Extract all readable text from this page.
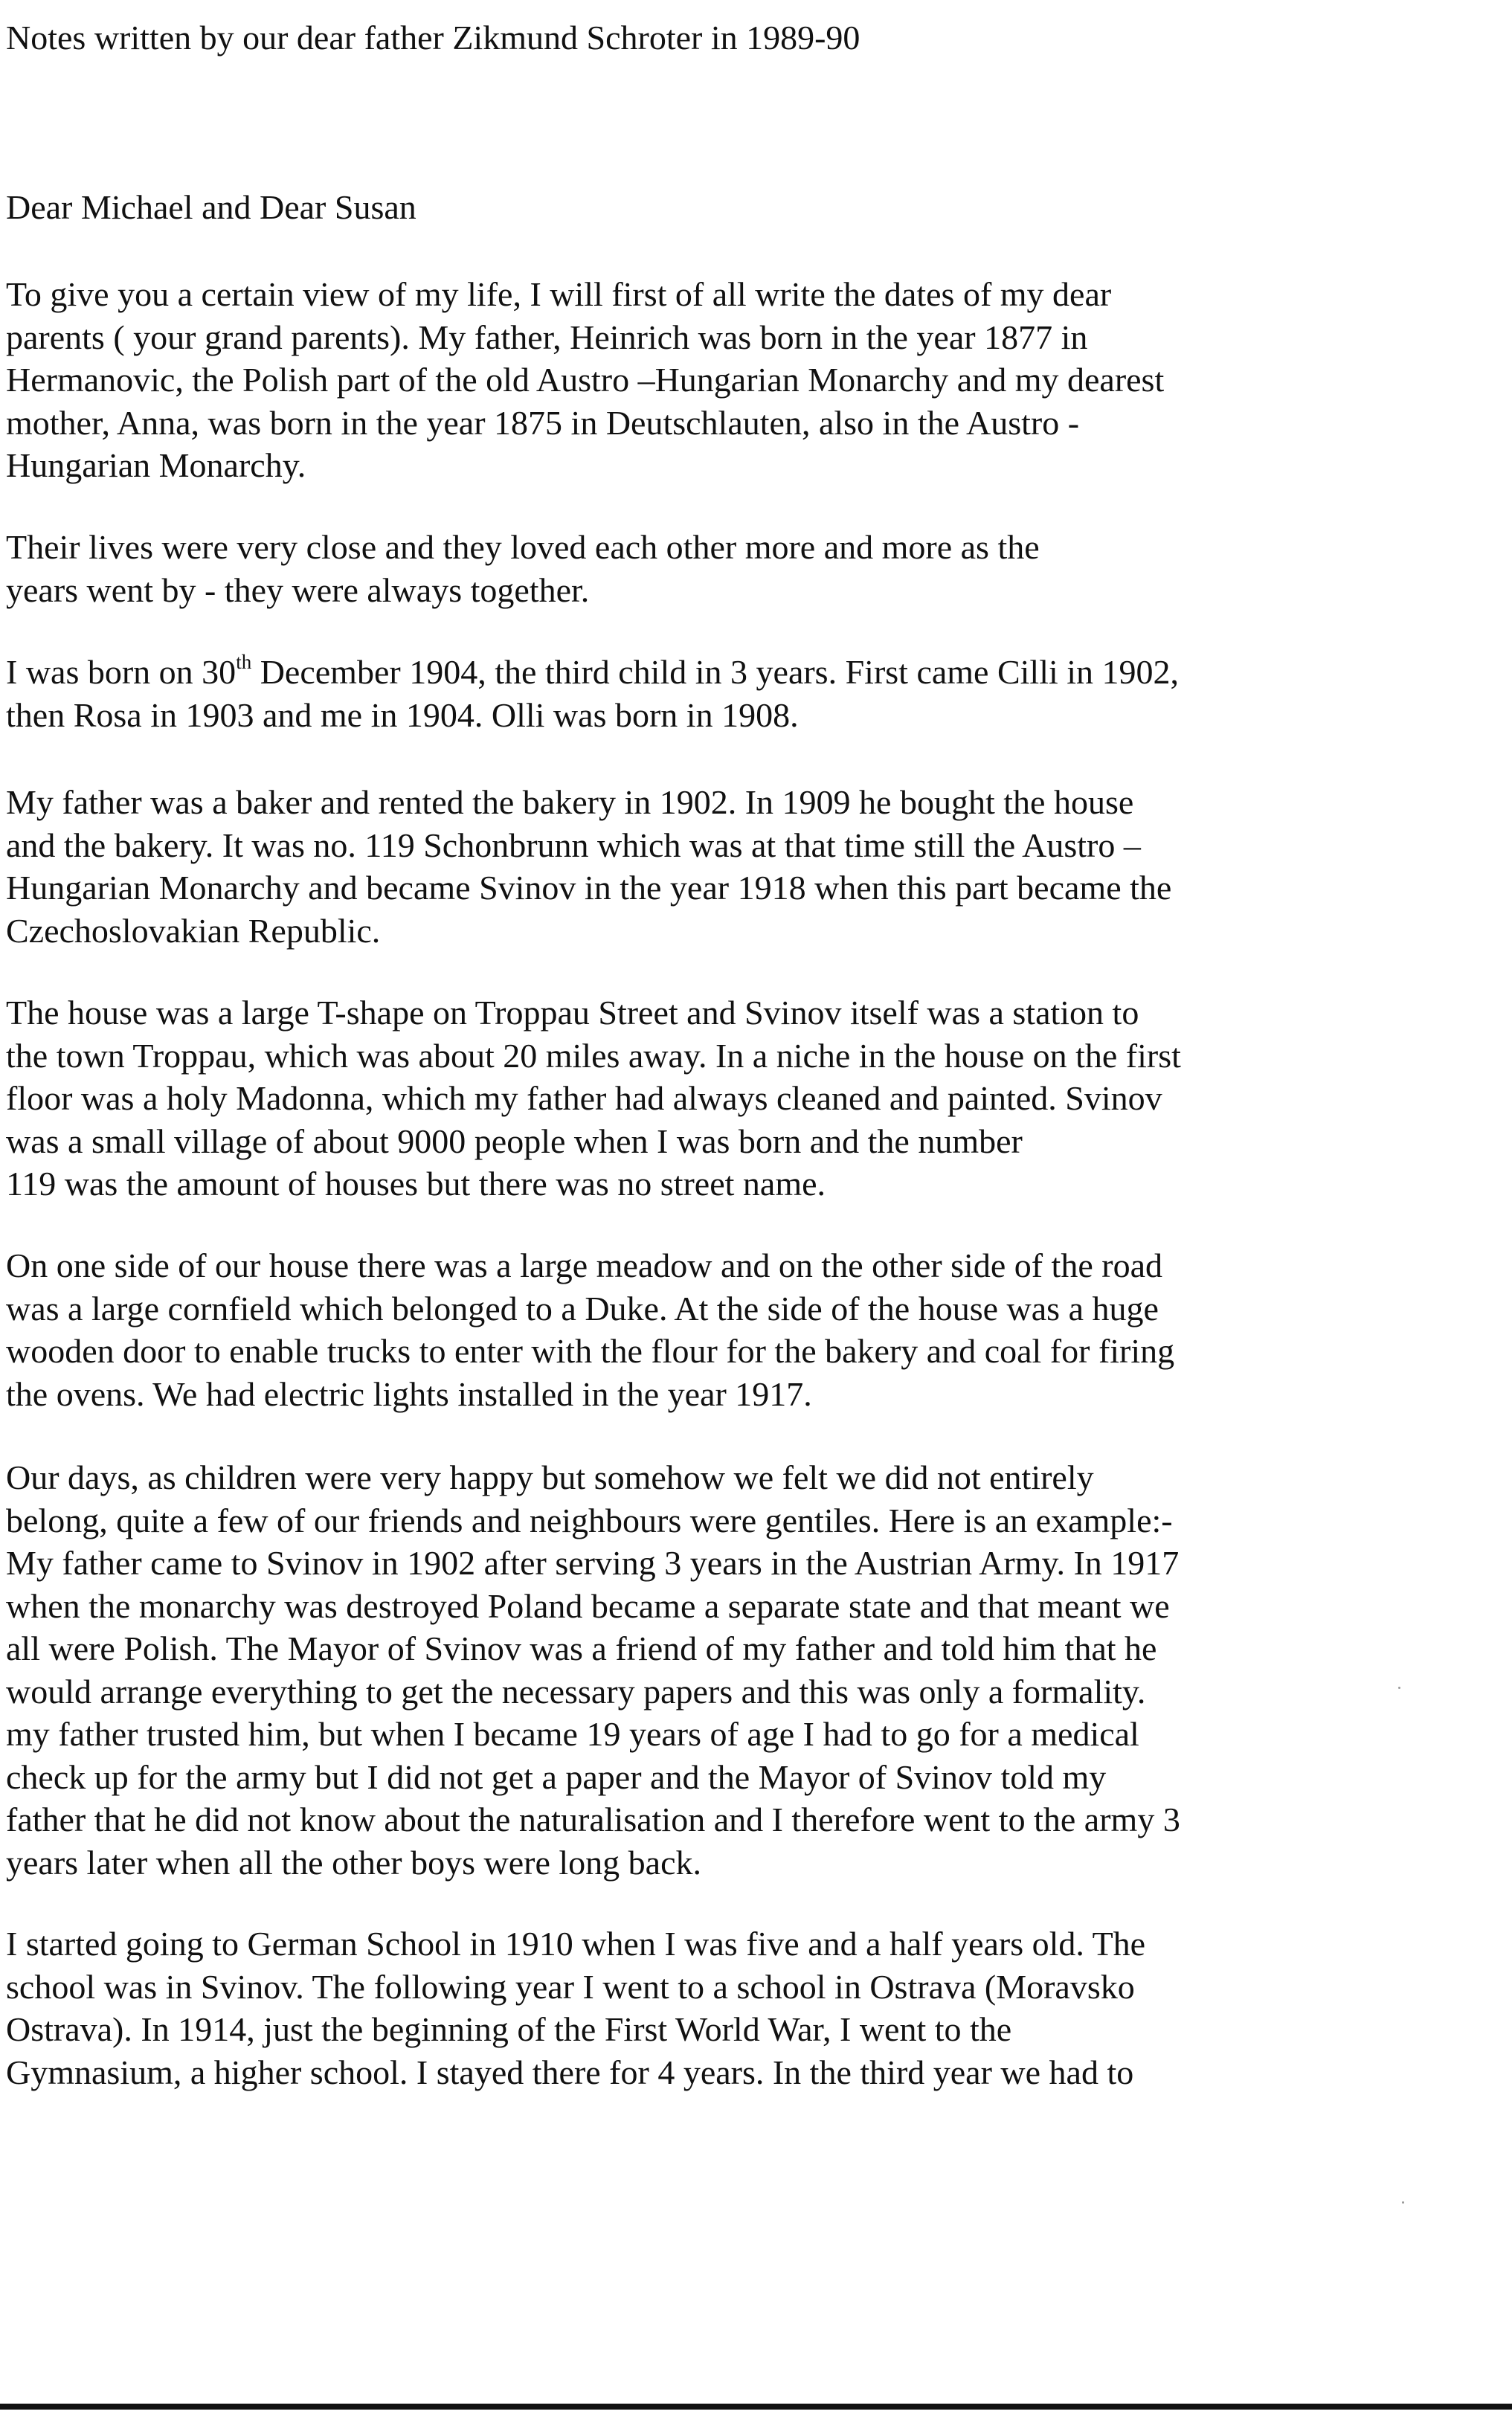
Notes written by our dear father Zikmund Schroter in 1989-90
Dear Michael and Dear Susan
To give you a certain view of my life, I will first of all write the dates of my dear
parents ( your grand parents). My father, Heinrich was born in the year 1877 in
Hermanovic, the Polish part of the old Austro –Hungarian Monarchy and my dearest
mother, Anna, was born in the year 1875 in Deutschlauten, also in the Austro -
Hungarian Monarchy.
Their lives were very close and they loved each other more and more as the
years went by - they were always together.
I was born on 30th December 1904, the third child in 3 years. First came Cilli in 1902,
then Rosa in 1903 and me in 1904. Olli was born in 1908.
My father was a baker and rented the bakery in 1902. In 1909 he bought the house
and the bakery. It was no. 119 Schonbrunn which was at that time still the Austro –
Hungarian Monarchy and became Svinov in the year 1918 when this part became the
Czechoslovakian Republic.
The house was a large T-shape on Troppau Street and Svinov itself was a station to
the town Troppau, which was about 20 miles away. In a niche in the house on the first
floor was a holy Madonna, which my father had always cleaned and painted. Svinov
was a small village of about 9000 people when I was born and the number
119 was the amount of houses but there was no street name.
On one side of our house there was a large meadow and on the other side of the road
was a large cornfield which belonged to a Duke. At the side of the house was a huge
wooden door to enable trucks to enter with the flour for the bakery and coal for firing
the ovens. We had electric lights installed in the year 1917.
Our days, as children were very happy but somehow we felt we did not entirely
belong, quite a few of our friends and neighbours were gentiles. Here is an example:-
My father came to Svinov in 1902 after serving 3 years in the Austrian Army. In 1917
when the monarchy was destroyed Poland became a separate state and that meant we
all were Polish. The Mayor of Svinov was a friend of my father and told him that he
would arrange everything to get the necessary papers and this was only a formality.
my father trusted him, but when I became 19 years of age I had to go for a medical
check up for the army but I did not get a paper and the Mayor of Svinov told my
father that he did not know about the naturalisation and I therefore went to the army 3
years later when all the other boys were long back.
I started going to German School in 1910 when I was five and a half years old. The
school was in Svinov. The following year I went to a school in Ostrava (Moravsko
Ostrava). In 1914, just the beginning of the First World War, I went to the
Gymnasium, a higher school. I stayed there for 4 years. In the third year we had to
